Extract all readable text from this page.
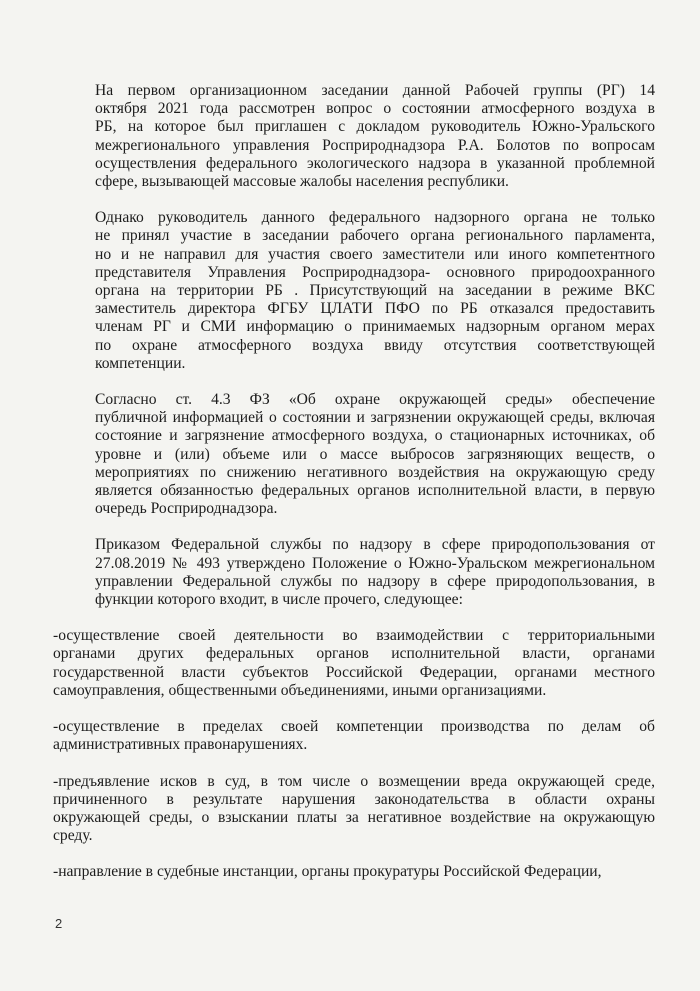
На первом организационном заседании данной Рабочей группы (РГ) 14
октября 2021 года рассмотрен вопрос о состоянии атмосферного воздуха в
РБ, на которое был приглашен с докладом руководитель Южно-Уральского
межрегионального управления Росприроднадзора Р.А. Болотов по вопросам
осуществления федерального экологического надзора в указанной проблемной
сфере, вызывающей массовые жалобы населения республики.

Однако руководитель данного федерального надзорного органа не только
не принял участие в заседании рабочего органа регионального парламента,
но и не направил для участия своего заместители или иного компетентного
представителя Управления Росприроднадзора- основного природоохранного
органа на территории РБ . Присутствующий на заседании в режиме ВКС
заместитель директора ФГБУ ЦЛАТИ ПФО по РБ отказался предоставить
членам РГ и СМИ информацию о принимаемых надзорным органом мерах
по охране атмосферного воздуха ввиду отсутствия соответствующей
компетенции.

Согласно ст. 4.3 ФЗ «Об охране окружающей среды» обеспечение
публичной информацией о состоянии и загрязнении окружающей среды, включая
состояние и загрязнение атмосферного воздуха, о стационарных источниках, об
уровне и (или) объеме или о массе выбросов загрязняющих веществ, о
мероприятиях по снижению негативного воздействия на окружающую среду
является обязанностью федеральных органов исполнительной власти, в первую
очередь Росприроднадзора.

Приказом Федеральной службы по надзору в сфере природопользования от
27.08.2019 № 493 утверждено Положение о Южно-Уральском межрегиональном
управлении Федеральной службы по надзору в сфере природопользования, в
функции которого входит, в числе прочего, следующее:

-осуществление своей деятельности во взаимодействии с территориальными
органами других федеральных органов исполнительной власти, органами
государственной власти субъектов Российской Федерации, органами местного
самоуправления, общественными объединениями, иными организациями.

-осуществление в пределах своей компетенции производства по делам об
административных правонарушениях.

-предъявление исков в суд, в том числе о возмещении вреда окружающей среде,
причиненного в результате нарушения законодательства в области охраны
окружающей среды, о взыскании платы за негативное воздействие на окружающую
среду.

-направление в судебные инстанции, органы прокуратуры Российской Федерации,

2
